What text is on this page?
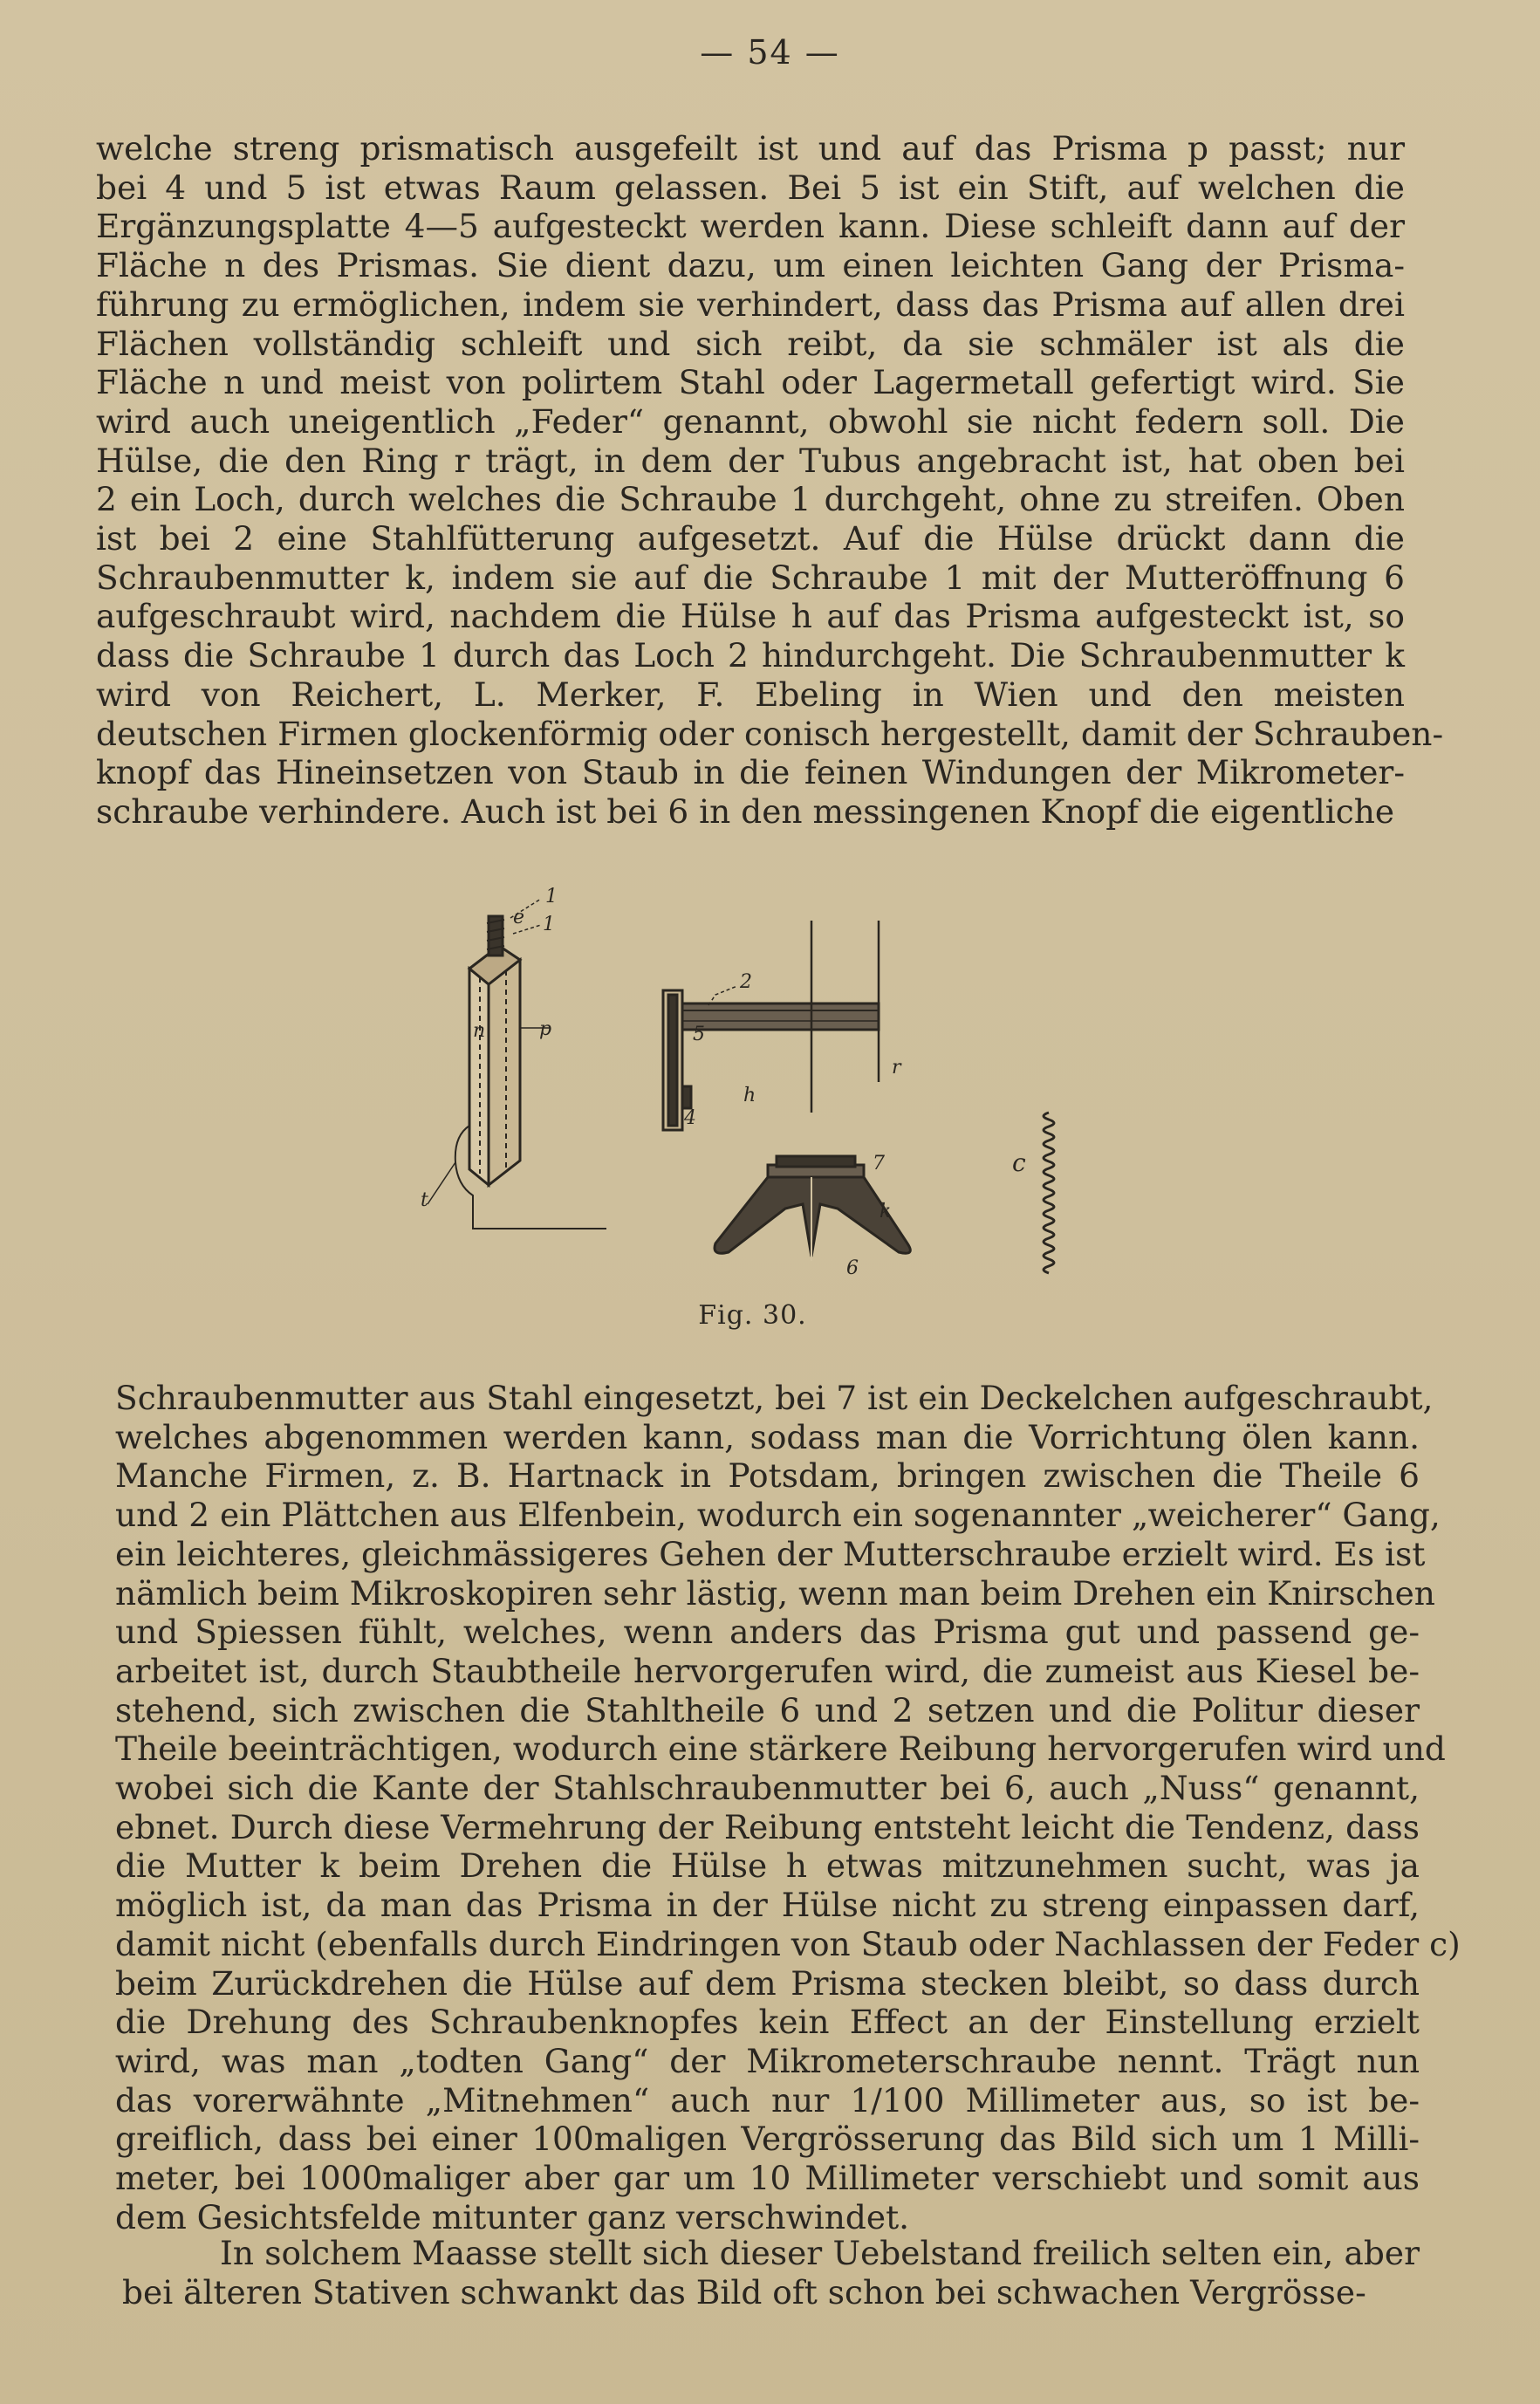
— 54 —
welche streng prismatisch ausgefeilt ist und auf das Prisma p passt; nur
bei 4 und 5 ist etwas Raum gelassen. Bei 5 ist ein Stift, auf welchen die
Ergänzungsplatte 4—5 aufgesteckt werden kann. Diese schleift dann auf der
Fläche n des Prismas. Sie dient dazu, um einen leichten Gang der Prisma-
führung zu ermöglichen, indem sie verhindert, dass das Prisma auf allen drei
Flächen vollständig schleift und sich reibt, da sie schmäler ist als die
Fläche n und meist von polirtem Stahl oder Lagermetall gefertigt wird. Sie
wird auch uneigentlich „Feder“ genannt, obwohl sie nicht federn soll. Die
Hülse, die den Ring r trägt, in dem der Tubus angebracht ist, hat oben bei
2 ein Loch, durch welches die Schraube 1 durchgeht, ohne zu streifen. Oben
ist bei 2 eine Stahlfütterung aufgesetzt. Auf die Hülse drückt dann die
Schraubenmutter k, indem sie auf die Schraube 1 mit der Mutteröffnung 6
aufgeschraubt wird, nachdem die Hülse h auf das Prisma aufgesteckt ist, so
dass die Schraube 1 durch das Loch 2 hindurchgeht. Die Schraubenmutter k
wird von Reichert, L. Merker, F. Ebeling in Wien und den meisten
deutschen Firmen glockenförmig oder conisch hergestellt, damit der Schrauben-
knopf das Hineinsetzen von Staub in die feinen Windungen der Mikrometer-
schraube verhindere. Auch ist bei 6 in den messingenen Knopf die eigentliche
1
e 1
n	p
t
2
5
4
h
r
7
k
6
c
Fig. 30.
Schraubenmutter aus Stahl eingesetzt, bei 7 ist ein Deckelchen aufgeschraubt,
welches abgenommen werden kann, sodass man die Vorrichtung ölen kann.
Manche Firmen, z. B. Hartnack in Potsdam, bringen zwischen die Theile 6
und 2 ein Plättchen aus Elfenbein, wodurch ein sogenannter „weicherer“ Gang,
ein leichteres, gleichmässigeres Gehen der Mutterschraube erzielt wird. Es ist
nämlich beim Mikroskopiren sehr lästig, wenn man beim Drehen ein Knirschen
und Spiessen fühlt, welches, wenn anders das Prisma gut und passend ge-
arbeitet ist, durch Staubtheile hervorgerufen wird, die zumeist aus Kiesel be-
stehend, sich zwischen die Stahltheile 6 und 2 setzen und die Politur dieser
Theile beeinträchtigen, wodurch eine stärkere Reibung hervorgerufen wird und
wobei sich die Kante der Stahlschraubenmutter bei 6, auch „Nuss“ genannt,
ebnet. Durch diese Vermehrung der Reibung entsteht leicht die Tendenz, dass
die Mutter k beim Drehen die Hülse h etwas mitzunehmen sucht, was ja
möglich ist, da man das Prisma in der Hülse nicht zu streng einpassen darf,
damit nicht (ebenfalls durch Eindringen von Staub oder Nachlassen der Feder c)
beim Zurückdrehen die Hülse auf dem Prisma stecken bleibt, so dass durch
die Drehung des Schraubenknopfes kein Effect an der Einstellung erzielt
wird, was man „todten Gang“ der Mikrometerschraube nennt. Trägt nun
das vorerwähnte „Mitnehmen“ auch nur 1/100 Millimeter aus, so ist be-
greiflich, dass bei einer 100maligen Vergrösserung das Bild sich um 1 Milli-
meter, bei 1000maliger aber gar um 10 Millimeter verschiebt und somit aus
dem Gesichtsfelde mitunter ganz verschwindet.
In solchem Maasse stellt sich dieser Uebelstand freilich selten ein, aber
bei älteren Stativen schwankt das Bild oft schon bei schwachen Vergrösse-
